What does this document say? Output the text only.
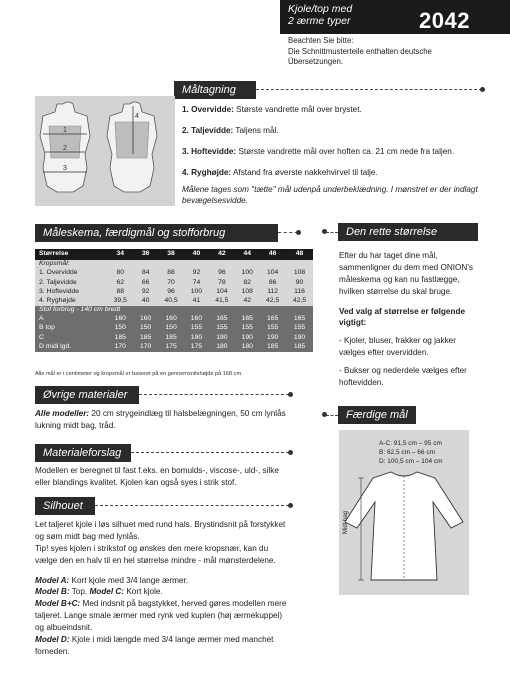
Kjole/top med
2 ærme typer	2042
Beachten Sie bitte:
Die Schnittmusterteile enthalten deutsche
Übersetzungen.
Måltagning
1
2
3
4

1. Overvidde: Største vandrette mål over brystet.

2. Taljevidde: Taljens mål.

3. Hoftevidde: Største vandrette mål over hoften ca. 21 cm nede fra taljen.

4. Ryghøjde: Afstand fra øverste nakkehvirvel til talje.

Målene tages som "tætte" mål udenpå underbeklædning. I mønstret er der indlagt bevægelsesvidde.

Måleskema, færdigmål og stofforbrug
Størrelse	34	36	38	40	42	44	46	48
Kropsmål:								
1. Overvidde	80	84	88	92	96	100	104	108
2. Taljevidde	62	66	70	74	78	82	86	90
3. Hoftevidde	88	92	96	100	104	108	112	116
4. Ryghøjde	39,5	40	40,5	41	41,5	42	42,5	42,5
Stof forbrug - 140 cm bredt								
A	160	160	160	160	165	165	165	165
B top	150	150	150	155	155	155	155	155
C	185	185	185	190	190	190	190	190
D midi lgd.	170	170	175	175	180	180	185	185
Alle mål er i centimeter og kropsmål er baseret på en gennemsnitshøjde på 168 cm.
Øvrige materialer
Alle modeller: 20 cm strygeindlæg til halsbelægningen, 50 cm lynlås lukning midt bag, tråd.
Materialeforslag
Modellen er beregnet til fast f.eks. en bomulds-, viscose-, uld-, silke eller blandings kvalitet. Kjolen kan også syes i strik stof.
Silhouet

Let taljeret kjole i løs silhuet med rund hals. Brystindsnit på forstykket og søm midt bag med lynlås.

Tip! syes kjolen i strikstof og ønskes den mere kropsnær, kan du vælge den en halv til en hel størrelse mindre - mål mønsterdelene.

Model A: Kort kjole med 3/4 lange ærmer.

Model B: Top. Model C: Kort kjole.

Model B+C: Med indsnit på bagstykket, herved gøres modellen mere taljeret. Lange smale ærmer med rynk ved kuplen (høj ærmekuppel) og albueindsnit.

Model D: Kjole i midi længde med 3/4 lange ærmer med manchet forneden.

Den rette størrelse

Efter du har taget dine mål, sammenligner du dem med ONION's måleskema og kan nu fastlægge, hvilken størrelse du skal bruge.

Ved valg af størrelse er følgende vigtigt:

- Kjoler, bluser, frakker og jakker vælges efter overvidden.

- Bukser og nederdele vælges efter hoftevidden.

Færdige mål
A-C: 91,5 cm – 95 cm
B: 62,5 cm – 66 cm
D: 100,5 cm – 104 cm
Midt bag
